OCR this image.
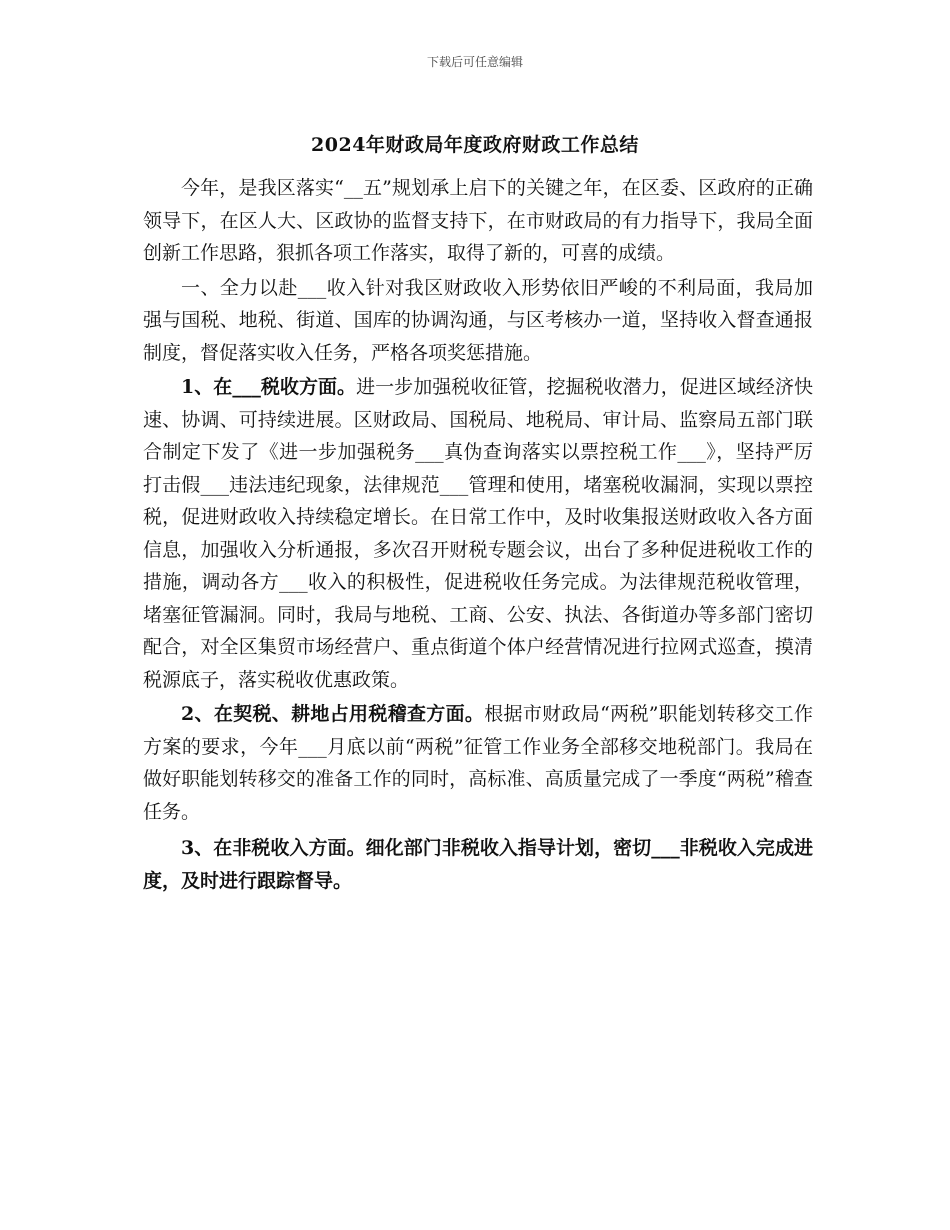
下载后可任意编辑
2024年财政局年度政府财政工作总结

今年，是我区落实“__五”规划承上启下的关键之年，在区委、区政府的正确领导下，在区人大、区政协的监督支持下，在市财政局的有力指导下，我局全面创新工作思路，狠抓各项工作落实，取得了新的，可喜的成绩。

一、全力以赴___收入针对我区财政收入形势依旧严峻的不利局面，我局加强与国税、地税、街道、国库的协调沟通，与区考核办一道，坚持收入督查通报制度，督促落实收入任务，严格各项奖惩措施。

1、在___税收方面。进一步加强税收征管，挖掘税收潜力，促进区域经济快速、协调、可持续进展。区财政局、国税局、地税局、审计局、监察局五部门联合制定下发了《进一步加强税务___真伪查询落实以票控税工作___》，坚持严厉打击假___违法违纪现象，法律规范___管理和使用，堵塞税收漏洞，实现以票控税，促进财政收入持续稳定增长。在日常工作中，及时收集报送财政收入各方面信息，加强收入分析通报，多次召开财税专题会议，出台了多种促进税收工作的措施，调动各方___收入的积极性，促进税收任务完成。为法律规范税收管理，堵塞征管漏洞。同时，我局与地税、工商、公安、执法、各街道办等多部门密切配合，对全区集贸市场经营户、重点街道个体户经营情况进行拉网式巡查，摸清税源底子，落实税收优惠政策。

2、在契税、耕地占用税稽查方面。根据市财政局“两税”职能划转移交工作方案的要求，今年___月底以前“两税”征管工作业务全部移交地税部门。我局在做好职能划转移交的准备工作的同时，高标准、高质量完成了一季度“两税”稽查任务。

3、在非税收入方面。细化部门非税收入指导计划，密切___非税收入完成进度，及时进行跟踪督导。
